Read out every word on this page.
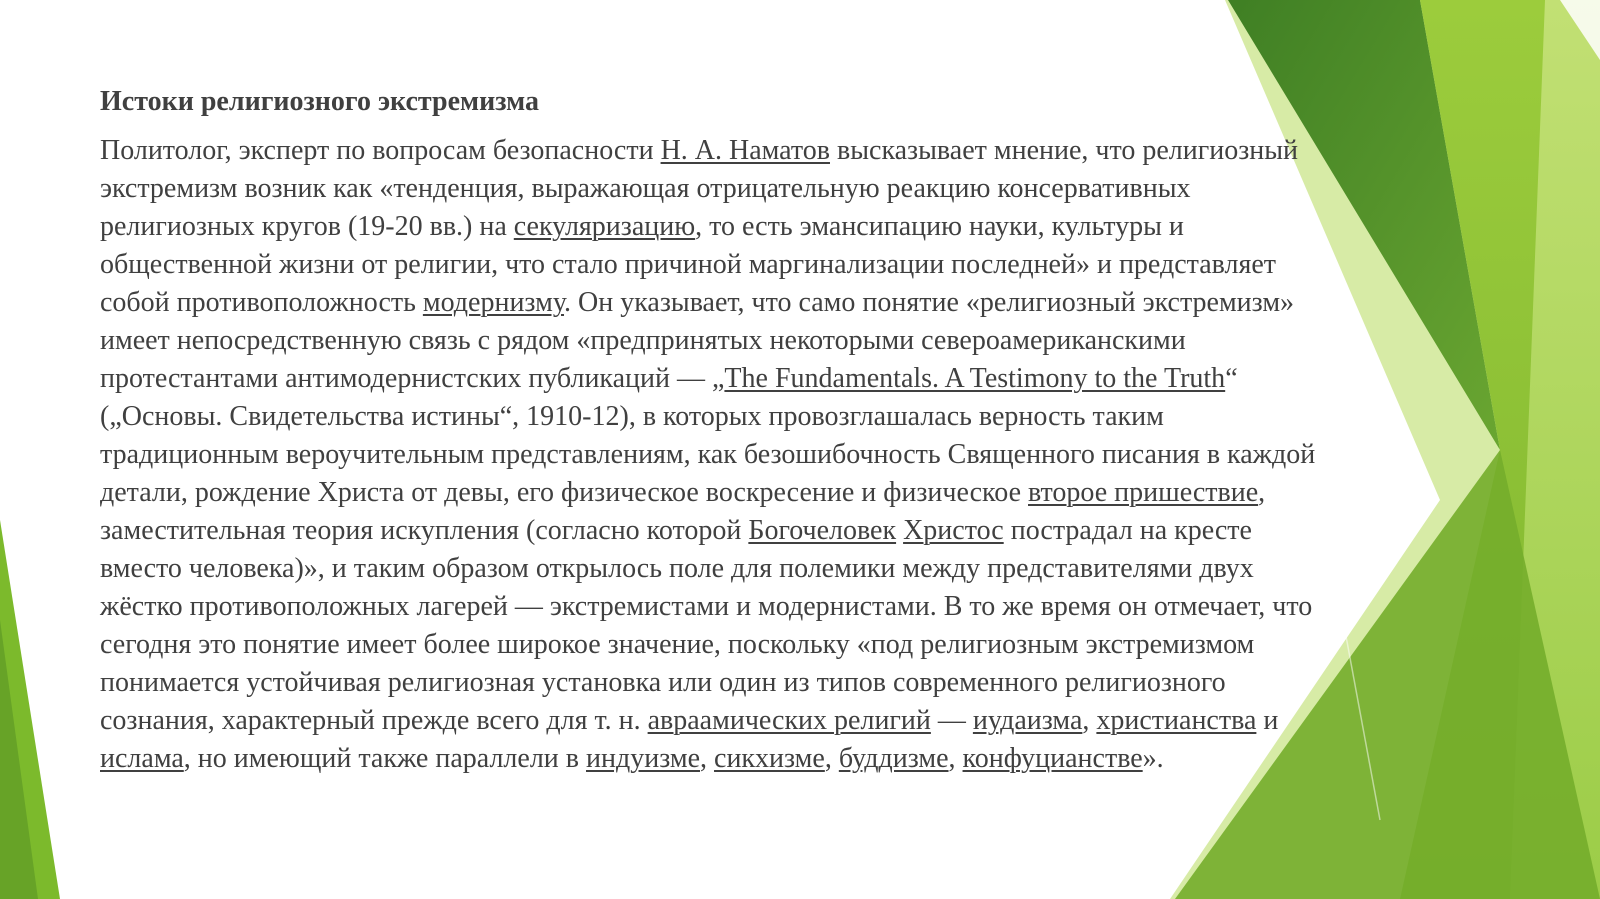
Истоки религиозного экстремизма

Политолог, эксперт по вопросам безопасности Н. А. Наматов высказывает мнение, что религиозный
экстремизм возник как «тенденция, выражающая отрицательную реакцию консервативных
религиозных кругов (19-20 вв.) на секуляризацию, то есть эмансипацию науки, культуры и
общественной жизни от религии, что стало причиной маргинализации последней» и представляет
собой противоположность модернизму. Он указывает, что само понятие «религиозный экстремизм»
имеет непосредственную связь с рядом «предпринятых некоторыми североамериканскими
протестантами антимодернистских публикаций — „The Fundamentals. A Testimony to the Truth“
(„Основы. Свидетельства истины“, 1910-12), в которых провозглашалась верность таким
традиционным вероучительным представлениям, как безошибочность Священного писания в каждой
детали, рождение Христа от девы, его физическое воскресение и физическое второе пришествие,
заместительная теория искупления (согласно которой Богочеловек Христос пострадал на кресте
вместо человека)», и таким образом открылось поле для полемики между представителями двух
жёстко противоположных лагерей — экстремистами и модернистами. В то же время он отмечает, что
сегодня это понятие имеет более широкое значение, поскольку «под религиозным экстремизмом
понимается устойчивая религиозная установка или один из типов современного религиозного
сознания, характерный прежде всего для т. н. авраамических религий — иудаизма, христианства и
ислама, но имеющий также параллели в индуизме, сикхизме, буддизме, конфуцианстве».
